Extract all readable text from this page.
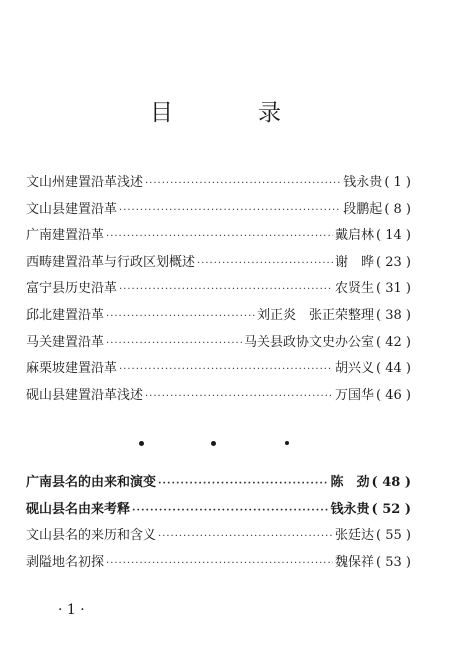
目	录
文山州建置沿革浅述 ·····	钱永贵 ( 1 )
文山县建置沿革 ·····	段鹏起 ( 8 )
广南建置沿革 ·····	戴启林 ( 14 )
西畴建置沿革与行政区划概述 ·····	谢　晔 ( 23 )
富宁县历史沿革 ·····	农贤生 ( 31 )
邱北建置沿革 ·····	刘正炎　张正荣整理 ( 38 )
马关建置沿革 ·····	马关县政协文史办公室 ( 42 )
麻栗坡建置沿革 ·····	胡兴义 ( 44 )
砚山县建置沿革浅述 ·····	万国华 ( 46 )
广南县名的由来和演变 ·····	陈　劲 ( 48 )
砚山县名由来考释 ·····	钱永贵 ( 52 )
文山县名的来历和含义 ·····	张廷达 ( 55 )
剥隘地名初探 ·····	魏保祥 ( 53 )
· 1 ·
